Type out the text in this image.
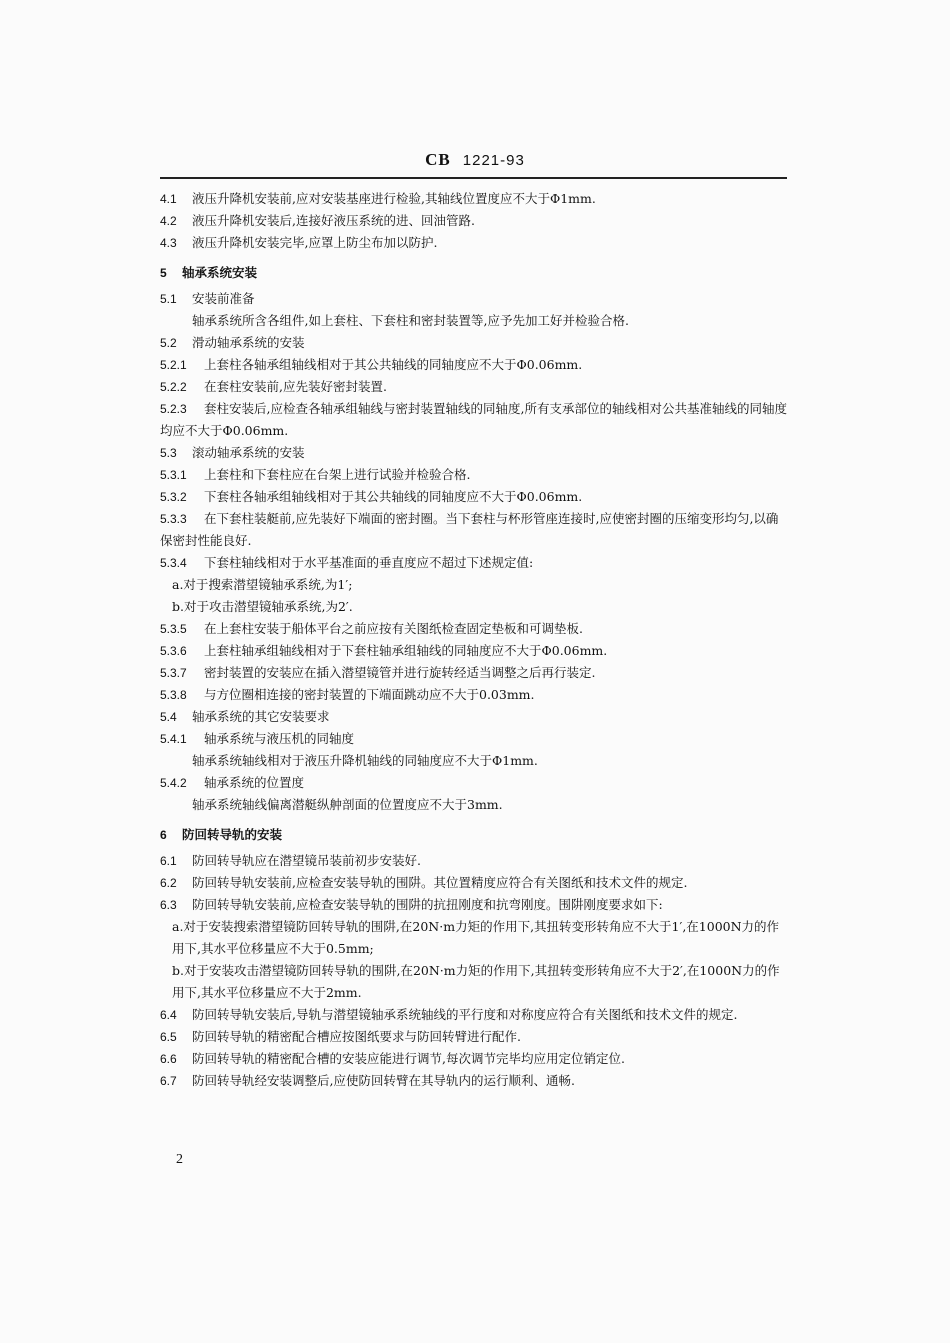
CB 1221-93

4.1 液压升降机安装前,应对安装基座进行检验,其轴线位置度应不大于Φ1mm.

4.2 液压升降机安装后,连接好液压系统的进、回油管路.

4.3 液压升降机安装完毕,应罩上防尘布加以防护.

5 轴承系统安装

5.1 安装前准备

轴承系统所含各组件,如上套柱、下套柱和密封装置等,应予先加工好并检验合格.

5.2 滑动轴承系统的安装

5.2.1 上套柱各轴承组轴线相对于其公共轴线的同轴度应不大于Φ0.06mm.

5.2.2 在套柱安装前,应先装好密封装置.

5.2.3 套柱安装后,应检查各轴承组轴线与密封装置轴线的同轴度,所有支承部位的轴线相对公共基准轴线的同轴度均应不大于Φ0.06mm.

5.3 滚动轴承系统的安装

5.3.1 上套柱和下套柱应在台架上进行试验并检验合格.

5.3.2 下套柱各轴承组轴线相对于其公共轴线的同轴度应不大于Φ0.06mm.

5.3.3 在下套柱装艇前,应先装好下端面的密封圈。当下套柱与杯形管座连接时,应使密封圈的压缩变形均匀,以确保密封性能良好.

5.3.4 下套柱轴线相对于水平基准面的垂直度应不超过下述规定值:

a.对于搜索潜望镜轴承系统,为1′;

b.对于攻击潜望镜轴承系统,为2′.

5.3.5 在上套柱安装于船体平台之前应按有关图纸检查固定垫板和可调垫板.

5.3.6 上套柱轴承组轴线相对于下套柱轴承组轴线的同轴度应不大于Φ0.06mm.

5.3.7 密封装置的安装应在插入潜望镜管并进行旋转经适当调整之后再行装定.

5.3.8 与方位圈相连接的密封装置的下端面跳动应不大于0.03mm.

5.4 轴承系统的其它安装要求

5.4.1 轴承系统与液压机的同轴度

轴承系统轴线相对于液压升降机轴线的同轴度应不大于Φ1mm.

5.4.2 轴承系统的位置度

轴承系统轴线偏离潜艇纵舯剖面的位置度应不大于3mm.

6 防回转导轨的安装

6.1 防回转导轨应在潜望镜吊装前初步安装好.

6.2 防回转导轨安装前,应检查安装导轨的围阱。其位置精度应符合有关图纸和技术文件的规定.

6.3 防回转导轨安装前,应检查安装导轨的围阱的抗扭刚度和抗弯刚度。围阱刚度要求如下:

a.对于安装搜索潜望镜防回转导轨的围阱,在20N·m力矩的作用下,其扭转变形转角应不大于1′,在1000N力的作用下,其水平位移量应不大于0.5mm;

b.对于安装攻击潜望镜防回转导轨的围阱,在20N·m力矩的作用下,其扭转变形转角应不大于2′,在1000N力的作用下,其水平位移量应不大于2mm.

6.4 防回转导轨安装后,导轨与潜望镜轴承系统轴线的平行度和对称度应符合有关图纸和技术文件的规定.

6.5 防回转导轨的精密配合槽应按图纸要求与防回转臂进行配作.

6.6 防回转导轨的精密配合槽的安装应能进行调节,每次调节完毕均应用定位销定位.

6.7 防回转导轨经安装调整后,应使防回转臂在其导轨内的运行顺利、通畅.

2
